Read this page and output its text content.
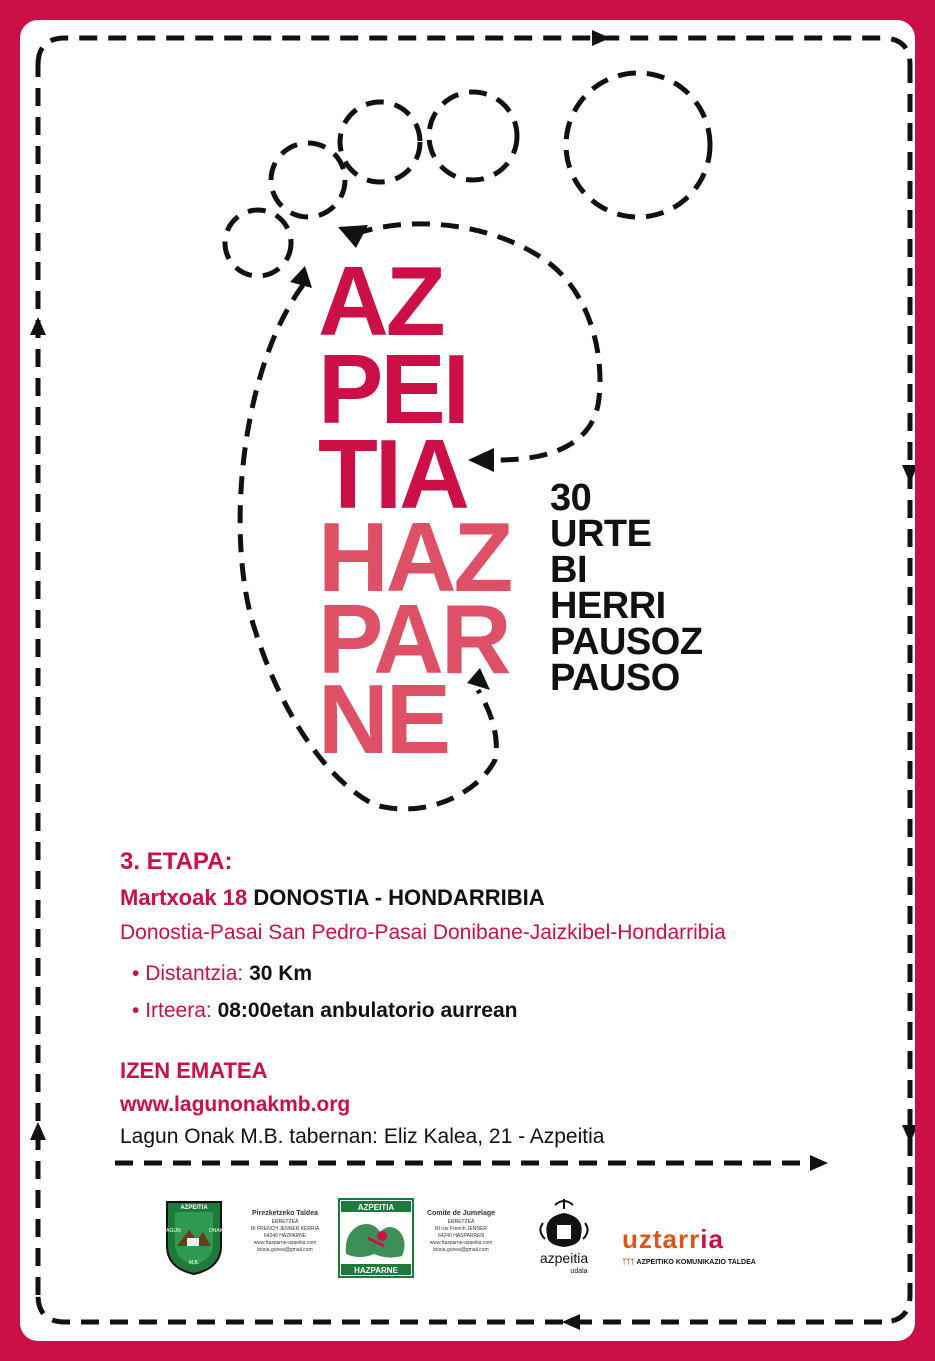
AZ
PEI
TIA
HAZ
PAR
NE
30
URTE
BI
HERRI
PAUSOZ
PAUSO
3. ETAPA:
Martxoak 18 DONOSTIA - HONDARRIBIA
Donostia-Pasai San Pedro-Pasai Donibane-Jaizkibel-Hondarribia
• Distantzia: 30 Km
• Irteera: 08:00etan anbulatorio aurrean
IZEN EMATEA
www.lagunonakmb.org
Lagun Onak M.B. tabernan: Eliz Kalea, 21 - Azpeitia
AZPEITIA
LAGUN	ONAK
M.B.
Pirezketzeko Taldea
ERRETZEA
RI FRENCH JENNER KERRIA
64240 HAZPARNE
www.hazparne-azpeitia.com
bioria.gunea@gmail.com
AZPEITIA
HAZPARNE
Comite de Jumelage
ERRETZEA
RI rue French JENNER
64240 HASPARREN
www.hazparne-azpeitia.com
bioria.gunea@gmail.com	azpeitia
udala
uztarria
ᛉᛉᛉ AZPEITIKO KOMUNIKAZIO TALDEA
